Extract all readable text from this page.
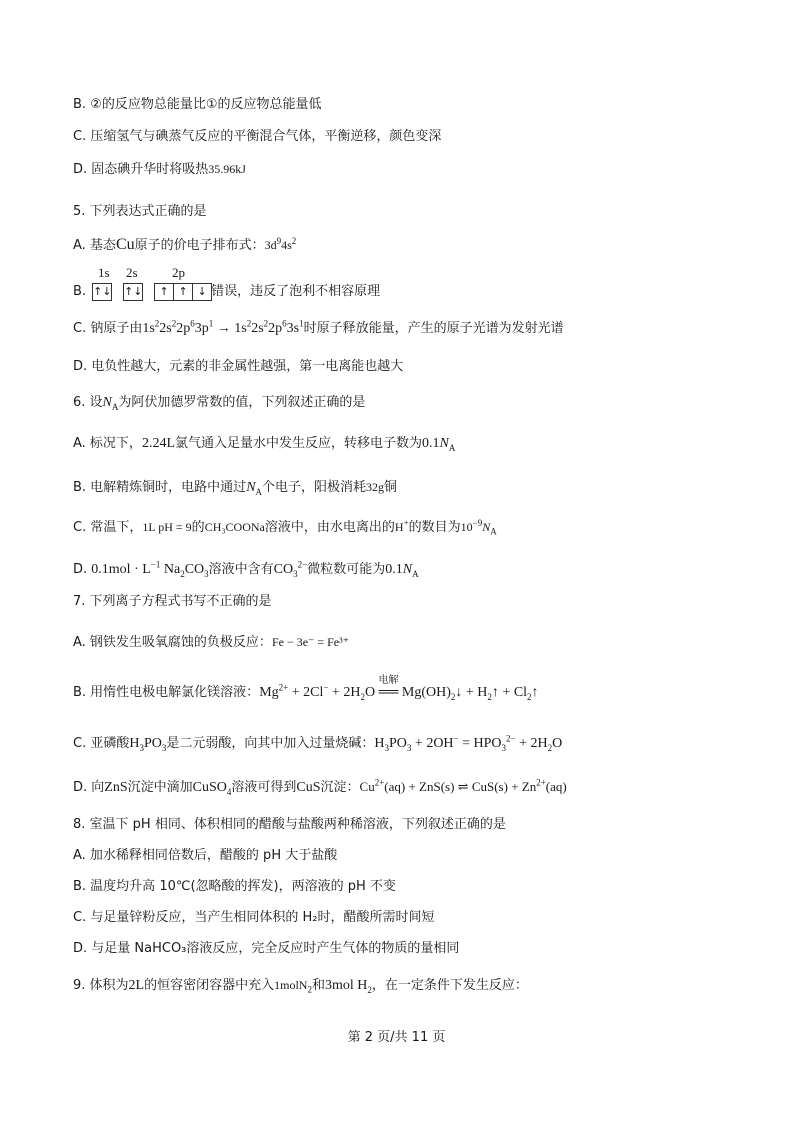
B. ②的反应物总能量比①的反应物总能量低
C. 压缩氢气与碘蒸气反应的平衡混合气体，平衡逆移，颜色变深
D. 固态碘升华时将吸热35.96kJ
5. 下列表达式正确的是
A. 基态Cu原子的价电子排布式：$3d^94s^2$
1s 2s	2p
B. ↑↓ ↑↓ ↑ ↑ ↓ 错误，违反了泡利不相容原理
C. 钠原子由$1s^22s^22p^63p^1 \to 1s^22s^22p^63s^1$时原子释放能量，产生的原子光谱为发射光谱
D. 电负性越大，元素的非金属性越强，第一电离能也越大
6. 设$N_A$为阿伏加德罗常数的值，下列叙述正确的是
A. 标况下，2.24L氯气通入足量水中发生反应，转移电子数为$0.1N_A$
B. 电解精炼铜时，电路中通过$N_A$个电子，阳极消耗32g铜
C. 常温下，1L pH = 9的CH₃COONa溶液中，由水电离出的H+的数目为$10^{-9}N_A$
D. $0.1mol \cdot L^{-1}$ $Na_2CO_3$溶液中含有$CO_3^{2-}$微粒数可能为$0.1N_A$
7. 下列离子方程式书写不正确的是
A. 钢铁发生吸氧腐蚀的负极反应：Fe − 3e⁻ = Fe³⁺
B. 用惰性电极电解氯化镁溶液：$Mg^{2+} + 2Cl^- + 2H_2O$
电解
══ $Mg(OH)_2↓$ + $H_2↑$ + $Cl_2↑$
C. 亚磷酸$H_3PO_3$是二元弱酸，向其中加入过量烧碱：$H_3PO_3 + 2OH^- = HPO_3^{2-} + 2H_2O$
D. 向ZnS沉淀中滴加CuSO$_4$溶液可得到CuS沉淀：$Cu^{2+}(aq) + ZnS(s)$ ⇌ $CuS(s) + Zn^{2+}(aq)$
8. 室温下 pH 相同、体积相同的醋酸与盐酸两种稀溶液，下列叙述正确的是
A. 加水稀释相同倍数后，醋酸的 pH 大于盐酸
B. 温度均升高 10℃(忽略酸的挥发)，两溶液的 pH 不变
C. 与足量锌粉反应，当产生相同体积的 H₂时，醋酸所需时间短
D. 与足量 NaHCO₃溶液反应，完全反应时产生气体的物质的量相同
9. 体积为2L的恒容密闭容器中充入1molN$_2$和3mol $H_2$，在一定条件下发生反应：
第 2 页/共 11 页
